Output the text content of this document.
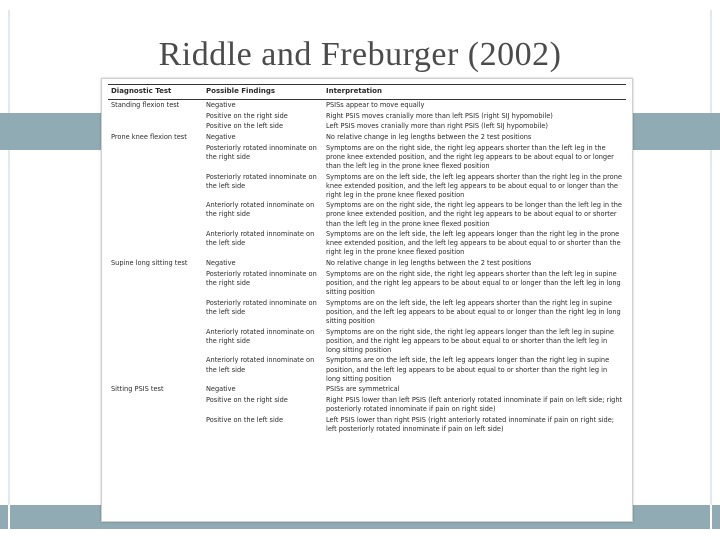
Riddle and Freburger (2002)
Diagnostic Test	Possible Findings	Interpretation
Standing flexion test	Negative	PSISs appear to move equally
	Positive on the right side	Right PSIS moves cranially more than left PSIS (right SIJ hypomobile)
	Positive on the left side	Left PSIS moves cranially more than right PSIS (left SIJ hypomobile)
Prone knee flexion test	Negative	No relative change in leg lengths between the 2 test positions
	Posteriorly rotated innominate on the right side	Symptoms are on the right side, the right leg appears shorter than the left leg in the prone knee extended position, and the right leg appears to be about equal to or longer than the left leg in the prone knee flexed position
	Posteriorly rotated innominate on the left side	Symptoms are on the left side, the left leg appears shorter than the right leg in the prone knee extended position, and the left leg appears to be about equal to or longer than the right leg in the prone knee flexed position
	Anteriorly rotated innominate on the right side	Symptoms are on the right side, the right leg appears to be longer than the left leg in the prone knee extended position, and the right leg appears to be about equal to or shorter than the left leg in the prone knee flexed position
	Anteriorly rotated innominate on the left side	Symptoms are on the left side, the left leg appears longer than the right leg in the prone knee extended position, and the left leg appears to be about equal to or shorter than the right leg in the prone knee flexed position
Supine long sitting test	Negative	No relative change in leg lengths between the 2 test positions
	Posteriorly rotated innominate on the right side	Symptoms are on the right side, the right leg appears shorter than the left leg in supine position, and the right leg appears to be about equal to or longer than the left leg in long sitting position
	Posteriorly rotated innominate on the left side	Symptoms are on the left side, the left leg appears shorter than the right leg in supine position, and the left leg appears to be about equal to or longer than the right leg in long sitting position
	Anteriorly rotated innominate on the right side	Symptoms are on the right side, the right leg appears longer than the left leg in supine position, and the right leg appears to be about equal to or shorter than the left leg in long sitting position
	Anteriorly rotated innominate on the left side	Symptoms are on the left side, the left leg appears longer than the right leg in supine position, and the left leg appears to be about equal to or shorter than the right leg in long sitting position
Sitting PSIS test	Negative	PSISs are symmetrical
	Positive on the right side	Right PSIS lower than left PSIS (left anteriorly rotated innominate if pain on left side; right posteriorly rotated innominate if pain on right side)
	Positive on the left side	Left PSIS lower than right PSIS (right anteriorly rotated innominate if pain on right side; left posteriorly rotated innominate if pain on left side)
